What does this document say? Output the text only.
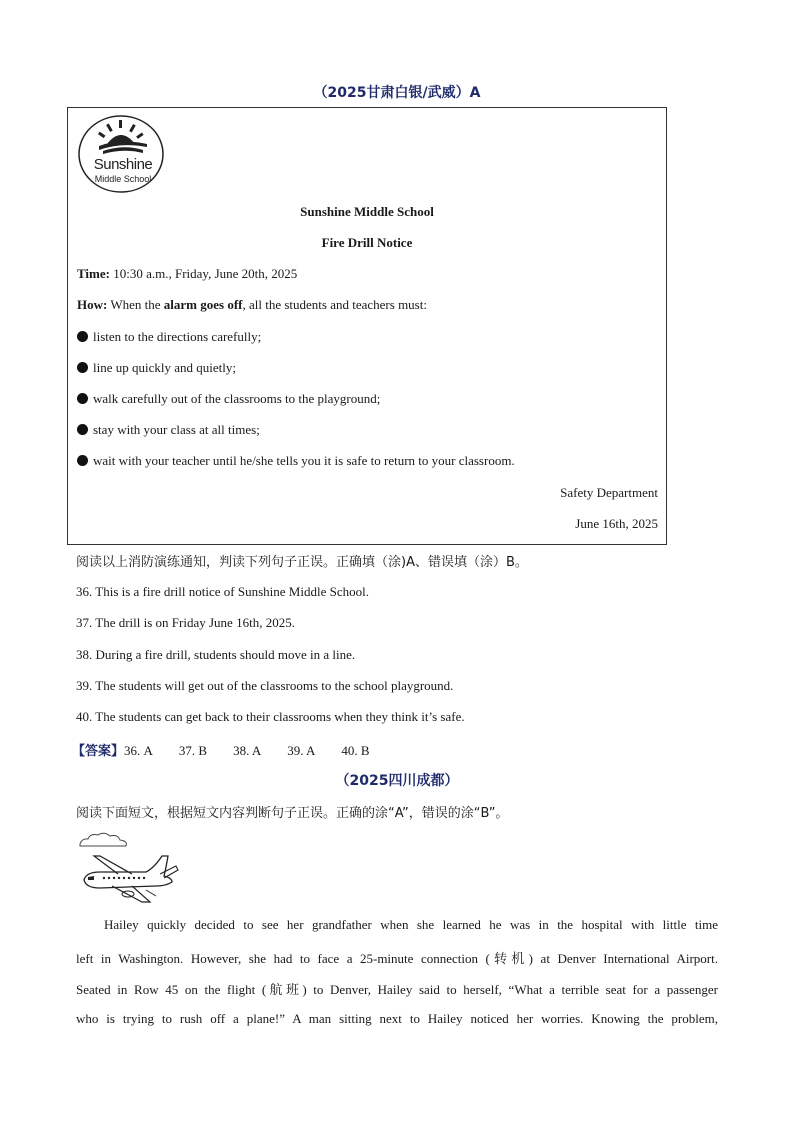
（2025甘肃白银/武威）A
Sunshine
Middle School
Sunshine Middle School
Fire Drill Notice
Time: 10:30 a.m., Friday, June 20th, 2025
How: When the alarm goes off, all the students and teachers must:
listen to the directions carefully;
line up quickly and quietly;
walk carefully out of the classrooms to the playground;
stay with your class at all times;
wait with your teacher until he/she tells you it is safe to return to your classroom.
Safety Department
June 16th, 2025
阅读以上消防演练通知，判读下列句子正误。正确填（涂)A、错误填（涂）B。
36. This is a fire drill notice of Sunshine Middle School.
37. The drill is on Friday June 16th, 2025.
38. During a fire drill, students should move in a line.
39. The students will get out of the classrooms to the school playground.
40. The students can get back to their classrooms when they think it’s safe.
【答案】36. A 37. B 38. A 39. A 40. B
（2025四川成都）
阅读下面短文，根据短文内容判断句子正误。正确的涂“A”，错误的涂“B”。
Hailey quickly decided to see her grandfather when she learned he was in the hospital with little time
left in Washington. However, she had to face a 25-minute connection (转机) at Denver International Airport.
Seated in Row 45 on the flight (航班) to Denver, Hailey said to herself, “What a terrible seat for a passenger
who is trying to rush off a plane!” A man sitting next to Hailey noticed her worries. Knowing the problem,
